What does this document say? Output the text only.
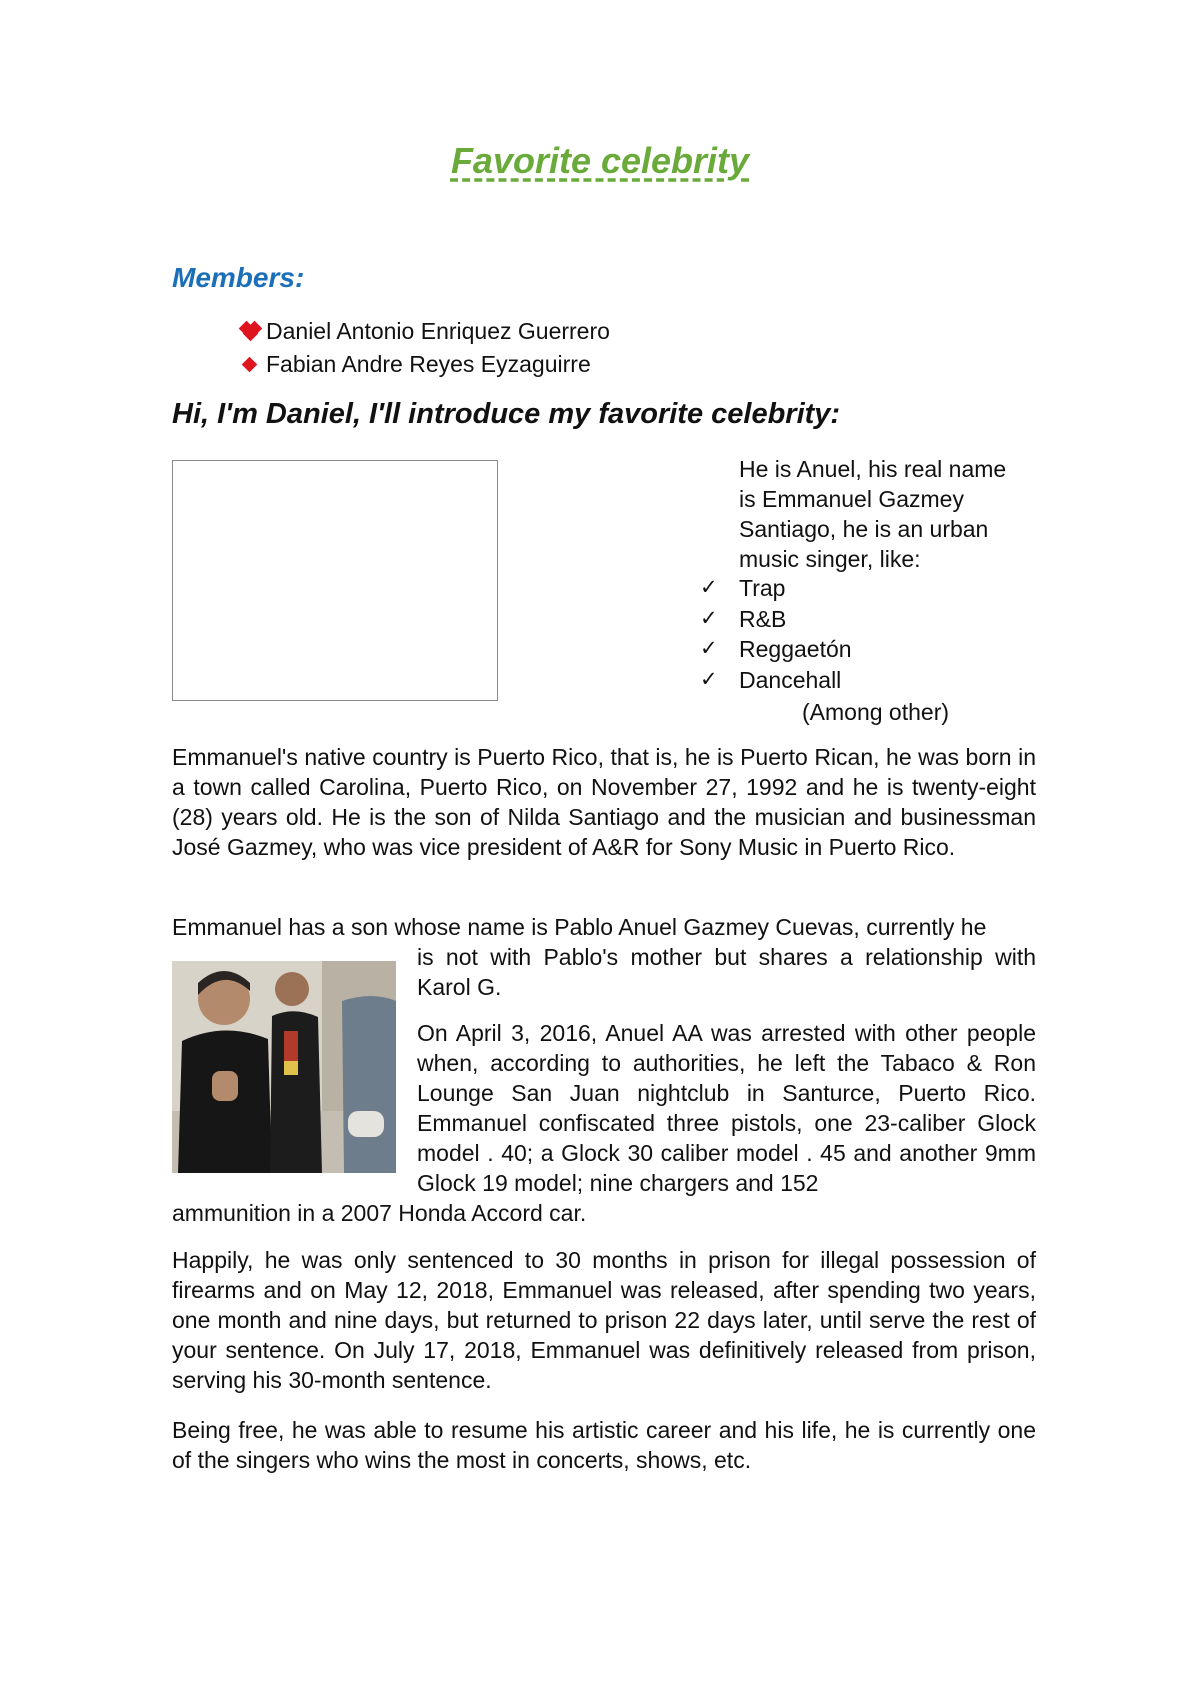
Favorite celebrity
Members:
Daniel Antonio Enriquez Guerrero
Fabian Andre Reyes Eyzaguirre
Hi, I'm Daniel, I'll introduce my favorite celebrity:
He is Anuel, his real name
is Emmanuel Gazmey
Santiago, he is an urban
music singer, like:
✓ Trap
✓ R&B
✓ Reggaetón
✓ Dancehall
(Among other)

Emmanuel's native country is Puerto Rico, that is, he is Puerto Rican, he was born in a town called Carolina, Puerto Rico, on November 27, 1992 and he is twenty-eight (28) years old. He is the son of Nilda Santiago and the musician and businessman José Gazmey, who was vice president of A&R for Sony Music in Puerto Rico.

Emmanuel has a son whose name is Pablo Anuel Gazmey Cuevas, currently he

is not with Pablo's mother but shares a relationship with Karol G.

On April 3, 2016, Anuel AA was arrested with other people when, according to authorities, he left the Tabaco & Ron Lounge San Juan nightclub in Santurce, Puerto Rico. Emmanuel confiscated three pistols, one 23-caliber Glock model . 40; a Glock 30 caliber model . 45 and another 9mm Glock 19 model; nine chargers and 152

ammunition in a 2007 Honda Accord car.

Happily, he was only sentenced to 30 months in prison for illegal possession of firearms and on May 12, 2018, Emmanuel was released, after spending two years, one month and nine days, but returned to prison 22 days later, until serve the rest of your sentence. On July 17, 2018, Emmanuel was definitively released from prison, serving his 30-month sentence.

Being free, he was able to resume his artistic career and his life, he is currently one of the singers who wins the most in concerts, shows, etc.
